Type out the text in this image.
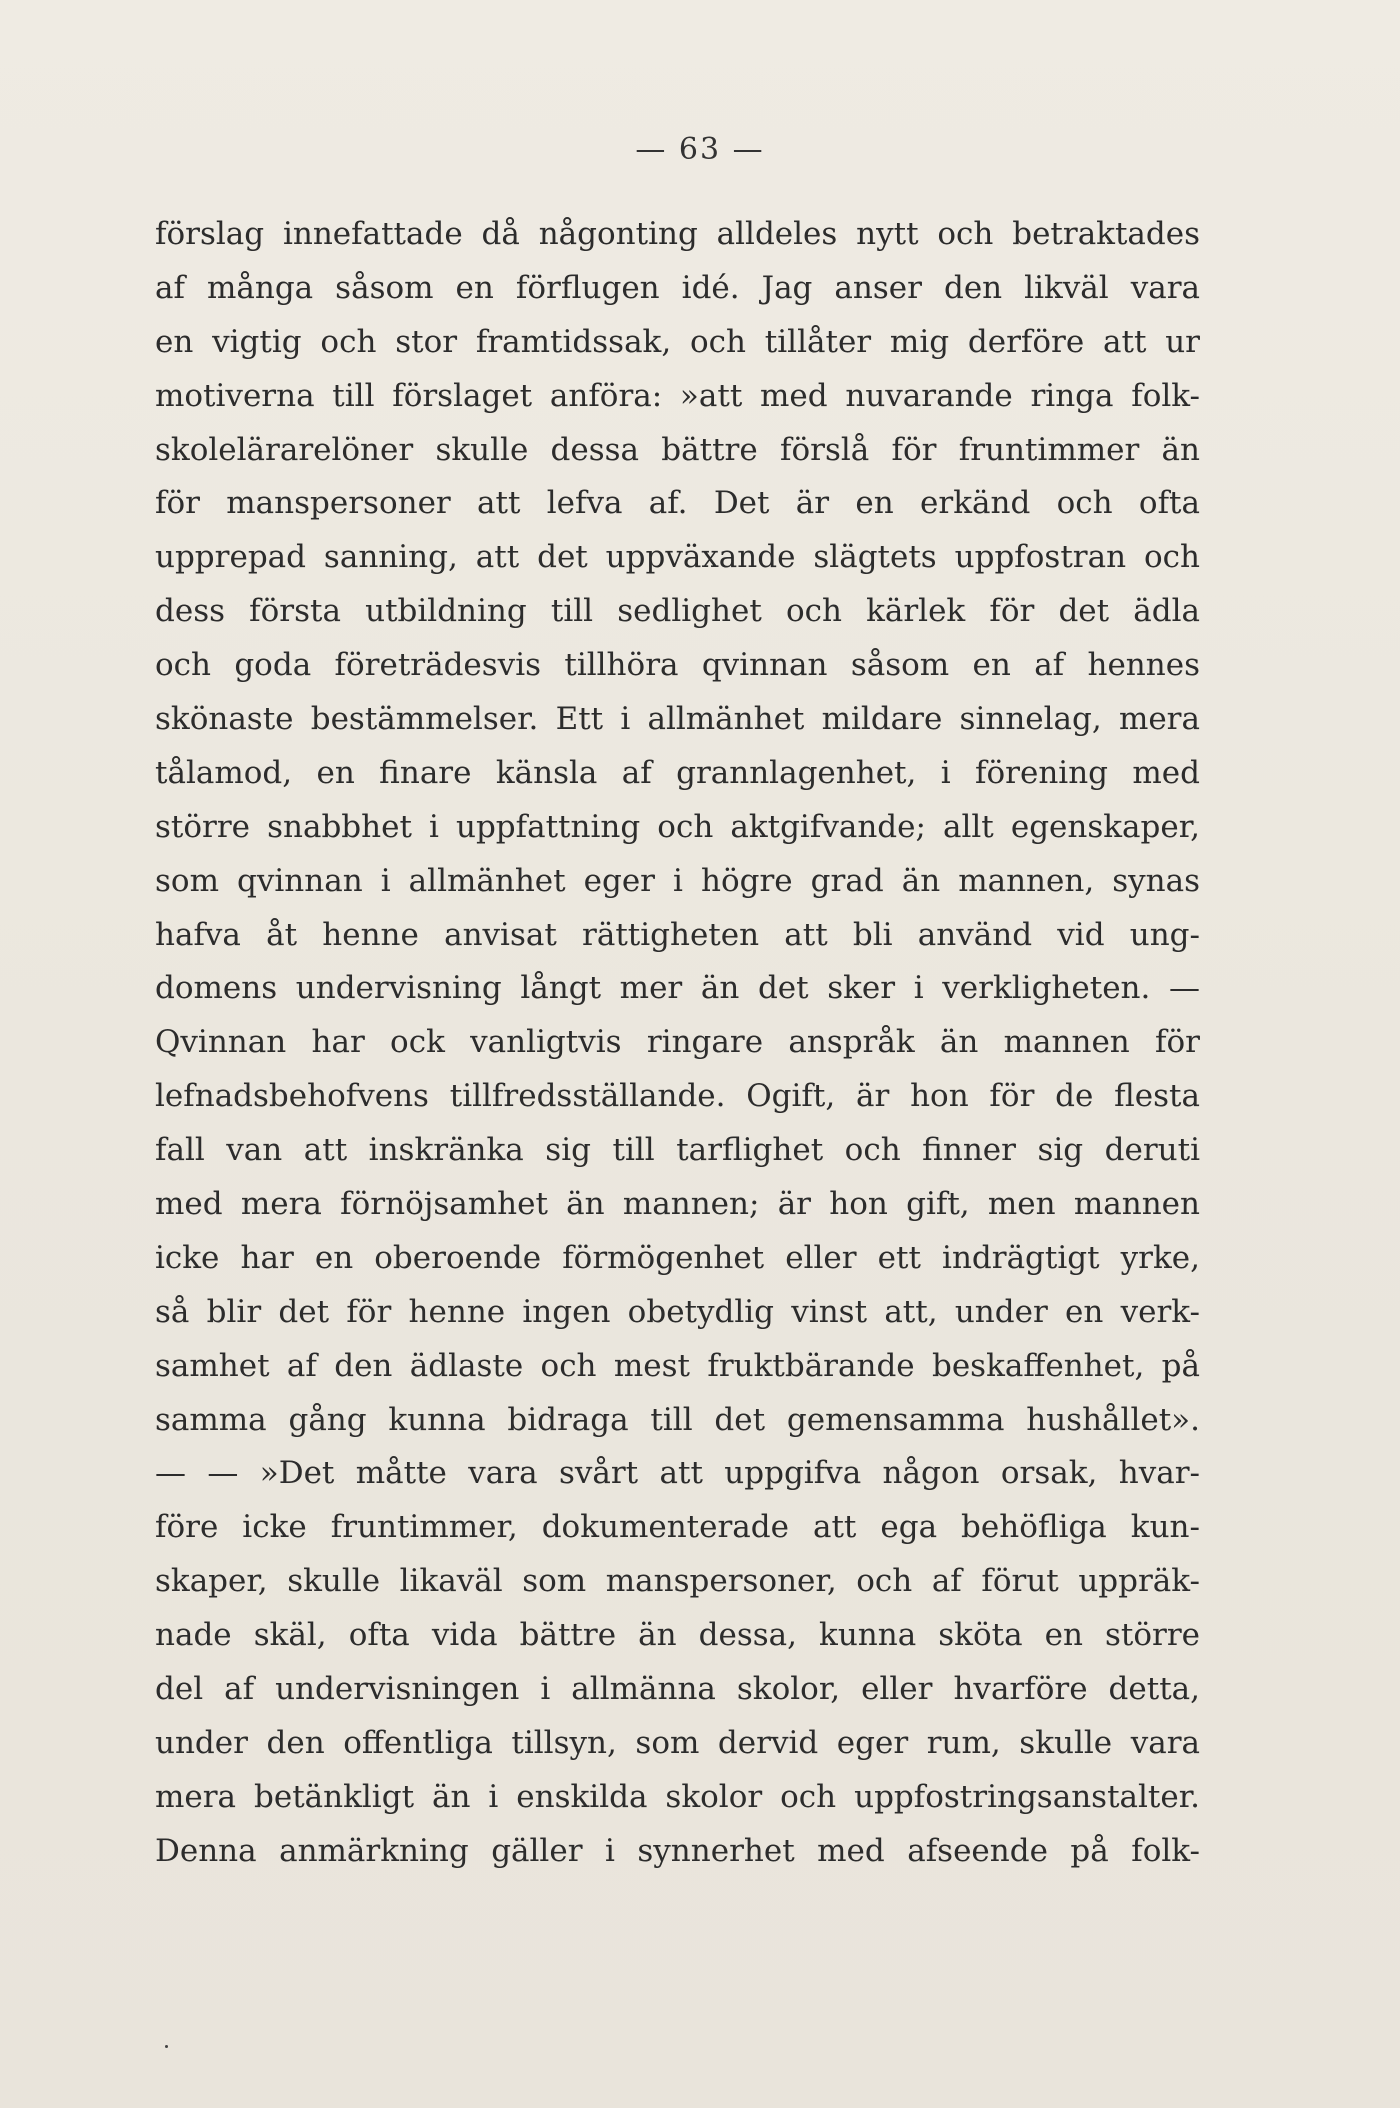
— 63 —
förslag innefattade då någonting alldeles nytt och betraktades
af många såsom en förflugen idé. Jag anser den likväl vara
en vigtig och stor framtidssak, och tillåter mig derföre att ur
motiverna till förslaget anföra: »att med nuvarande ringa folk-
skolelärarelöner skulle dessa bättre förslå för fruntimmer än
för manspersoner att lefva af. Det är en erkänd och ofta
upprepad sanning, att det uppväxande slägtets uppfostran och
dess första utbildning till sedlighet och kärlek för det ädla
och goda företrädesvis tillhöra qvinnan såsom en af hennes
skönaste bestämmelser. Ett i allmänhet mildare sinnelag, mera
tålamod, en finare känsla af grannlagenhet, i förening med
större snabbhet i uppfattning och aktgifvande; allt egenskaper,
som qvinnan i allmänhet eger i högre grad än mannen, synas
hafva åt henne anvisat rättigheten att bli använd vid ung-
domens undervisning långt mer än det sker i verkligheten. —
Qvinnan har ock vanligtvis ringare anspråk än mannen för
lefnadsbehofvens tillfredsställande. Ogift, är hon för de flesta
fall van att inskränka sig till tarflighet och finner sig deruti
med mera förnöjsamhet än mannen; är hon gift, men mannen
icke har en oberoende förmögenhet eller ett indrägtigt yrke,
så blir det för henne ingen obetydlig vinst att, under en verk-
samhet af den ädlaste och mest fruktbärande beskaffenhet, på
samma gång kunna bidraga till det gemensamma hushållet».
— — »Det måtte vara svårt att uppgifva någon orsak, hvar-
före icke fruntimmer, dokumenterade att ega behöfliga kun-
skaper, skulle likaväl som manspersoner, och af förut uppräk-
nade skäl, ofta vida bättre än dessa, kunna sköta en större
del af undervisningen i allmänna skolor, eller hvarföre detta,
under den offentliga tillsyn, som dervid eger rum, skulle vara
mera betänkligt än i enskilda skolor och uppfostringsanstalter.
Denna anmärkning gäller i synnerhet med afseende på folk-
